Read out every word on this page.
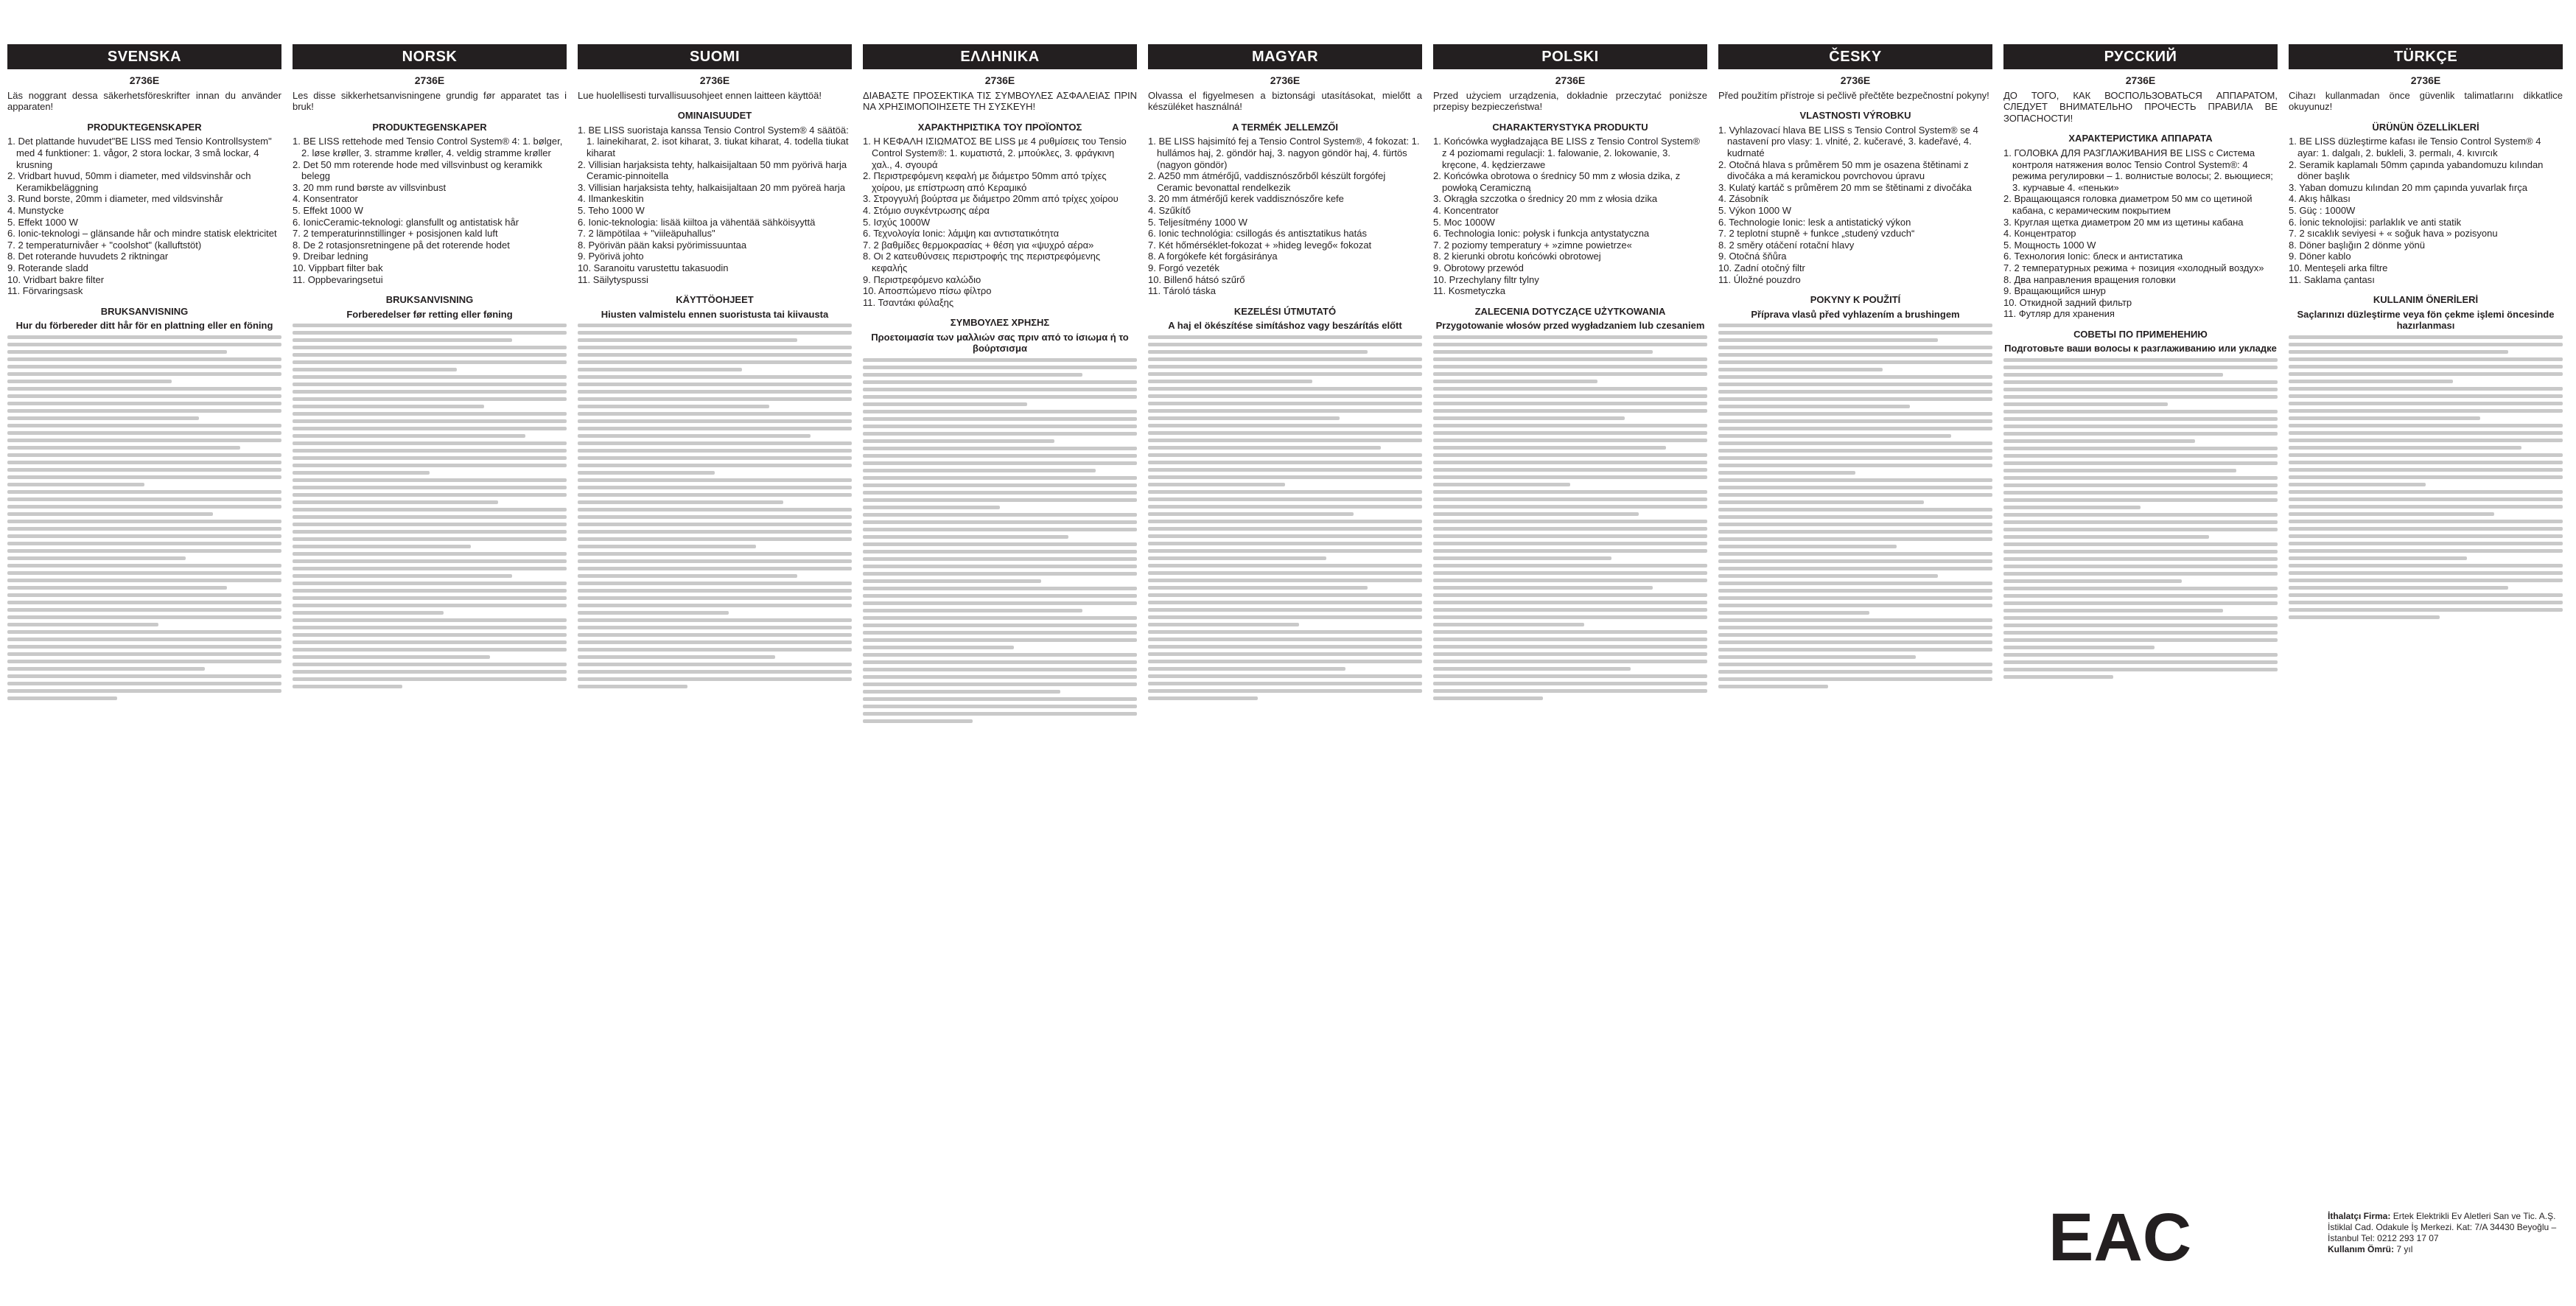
SVENSKA
2736E
Läs noggrant dessa säkerhetsföreskrifter innan du använder apparaten!
PRODUKTEGENSKAPER
1. Det plattande huvudet"BE LISS med Tensio Kontrollsystem" med 4 funktioner: 1. vågor, 2 stora lockar, 3 små lockar, 4 krusning
2. Vridbart huvud, 50mm i diameter, med vildsvinshår och Keramikbeläggning
3. Rund borste, 20mm i diameter, med vildsvinshår
4. Munstycke
5. Effekt 1000 W
6. Ionic-teknologi – glänsande hår och mindre statisk elektricitet
7. 2 temperaturnivåer + "coolshot" (kalluftstöt)
8. Det roterande huvudets 2 riktningar
9. Roterande sladd
10. Vridbart bakre filter
11. Förvaringsask
BRUKSANVISNING
Hur du förbereder ditt hår för en plattning eller en föning
NORSK
2736E
Les disse sikkerhetsanvisningene grundig før apparatet tas i bruk!
PRODUKTEGENSKAPER
1. BE LISS rettehode med Tensio Control System® 4: 1. bølger, 2. løse krøller, 3. stramme krøller, 4. veldig stramme krøller
2. Det 50 mm roterende hode med villsvinbust og keramikk belegg
3. 20 mm rund børste av villsvinbust
4. Konsentrator
5. Effekt 1000 W
6. IonicCeramic-teknologi: glansfullt og antistatisk hår
7. 2 temperaturinnstillinger + posisjonen kald luft
8. De 2 rotasjonsretningene på det roterende hodet
9. Dreibar ledning
10. Vippbart filter bak
11. Oppbevaringsetui
BRUKSANVISNING
Forberedelser før retting eller føning
SUOMI
2736E
Lue huolellisesti turvallisuusohjeet ennen laitteen käyttöä!
OMINAISUUDET
1. BE LISS suoristaja kanssa Tensio Control System® 4 säätöä: 1. lainekiharat, 2. isot kiharat, 3. tiukat kiharat, 4. todella tiukat kiharat
2. Villisian harjaksista tehty, halkaisijaltaan 50 mm pyörivä harja Ceramic-pinnoitella
3. Villisian harjaksista tehty, halkaisijaltaan 20 mm pyöreä harja
4. Ilmankeskitin
5. Teho 1000 W
6. Ionic-teknologia: lisää kiiltoa ja vähentää sähköisyyttä
7. 2 lämpötilaa + "viileäpuhallus"
8. Pyörivän pään kaksi pyörimissuuntaa
9. Pyörivä johto
10. Saranoitu varustettu takasuodin
11. Säilytyspussi
KÄYTTÖOHJEET
Hiusten valmistelu ennen suoristusta tai kiivausta
ΕΛΛΗΝΙΚΑ
2736E
ΔΙΑΒΑΣΤΕ ΠΡΟΣΕΚΤΙΚΑ ΤΙΣ ΣΥΜΒΟΥΛΕΣ ΑΣΦΑΛΕΙΑΣ ΠΡΙΝ ΝΑ ΧΡΗΣΙΜΟΠΟΙΗΣΕΤΕ ΤΗ ΣΥΣΚΕΥΗ!
ΧΑΡΑΚΤΗΡΙΣΤΙΚΑ ΤΟΥ ΠΡΟΪΟΝΤΟΣ
1. Η ΚΕΦΑΛΗ ΙΣΙΩΜΑΤΟΣ BE LISS με 4 ρυθμίσεις του Tensio Control System®: 1. κυματιστά, 2. μπούκλες, 3. φράγκινη χαλ., 4. σγουρά
2. Περιστρεφόμενη κεφαλή με διάμετρο 50mm από τρίχες χοίρου, με επίστρωση από Κεραμικό
3. Στρογγυλή βούρτσα με διάμετρο 20mm από τρίχες χοίρου
4. Στόμιο συγκέντρωσης αέρα
5. Ισχύς 1000W
6. Τεχνολογία Ionic: λάμψη και αντιστατικότητα
7. 2 βαθμίδες θερμοκρασίας + θέση για «ψυχρό αέρα»
8. Οι 2 κατευθύνσεις περιστροφής της περιστρεφόμενης κεφαλής
9. Περιστρεφόμενο καλώδιο
10. Αποσπώμενο πίσω φίλτρο
11. Τσαντάκι φύλαξης
ΣΥΜΒΟΥΛΕΣ ΧΡΗΣΗΣ
Προετοιμασία των μαλλιών σας πριν από το ίσιωμα ή το βούρτσισμα
MAGYAR
2736E
Olvassa el figyelmesen a biztonsági utasításokat, mielőtt a készüléket használná!
A TERMÉK JELLEMZŐI
1. BE LISS hajsimító fej a Tensio Control System®, 4 fokozat: 1. hullámos haj, 2. göndör haj, 3. nagyon göndör haj, 4. fürtös (nagyon göndör)
2. A250 mm átmérőjű, vaddisznószőrből készült forgófej Ceramic bevonattal rendelkezik
3. 20 mm átmérőjű kerek vaddisznószőre kefe
4. Szűkítő
5. Teljesítmény 1000 W
6. Ionic technológia: csillogás és antisztatikus hatás
7. Két hőmérséklet-fokozat + »hideg levegő« fokozat
8. A forgókefe két forgásiránya
9. Forgó vezeték
10. Billenő hátsó szűrő
11. Tároló táska
KEZELÉSI ÚTMUTATÓ
A haj el ökészítése simításhoz vagy beszárítás előtt
POLSKI
2736E
Przed użyciem urządzenia, dokładnie przeczytać poniższe przepisy bezpieczeństwa!
CHARAKTERYSTYKA PRODUKTU
1. Końcówka wygładzająca BE LISS z Tensio Control System® z 4 poziomami regulacji: 1. falowanie, 2. lokowanie, 3. kręcone, 4. kędzierzawe
2. Końcówka obrotowa o średnicy 50 mm z włosia dzika, z powłoką Ceramiczną
3. Okrągła szczotka o średnicy 20 mm z włosia dzika
4. Koncentrator
5. Moc 1000W
6. Technologia Ionic: połysk i funkcja antystatyczna
7. 2 poziomy temperatury + »zimne powietrze«
8. 2 kierunki obrotu końcówki obrotowej
9. Obrotowy przewód
10. Przechylany filtr tylny
11. Kosmetyczka
ZALECENIA DOTYCZĄCE UŻYTKOWANIA
Przygotowanie włosów przed wygładzaniem lub czesaniem
ČESKY
2736E
Před použitím přístroje si pečlivě přečtěte bezpečnostní pokyny!
VLASTNOSTI VÝROBKU
1. Vyhlazovací hlava BE LISS s Tensio Control System® se 4 nastavení pro vlasy: 1. vlnité, 2. kučeravé, 3. kadeřavé, 4. kudrnaté
2. Otočná hlava s průměrem 50 mm je osazena štětinami z divočáka a má keramickou povrchovou úpravu
3. Kulatý kartáč s průměrem 20 mm se štětinami z divočáka
4. Zásobník
5. Výkon 1000 W
6. Technologie Ionic: lesk a antistatický výkon
7. 2 teplotní stupně + funkce „studený vzduch“
8. 2 směry otáčení rotační hlavy
9. Otočná šňůra
10. Zadní otočný filtr
11. Úložné pouzdro
POKYNY K POUŽITÍ
Příprava vlasů před vyhlazením a brushingem
РУССКИЙ
2736E
ДО ТОГО, КАК ВОСПОЛЬЗОВАТЬСЯ АППАРАТОМ, СЛЕДУЕТ ВНИМАТЕЛЬНО ПРОЧЕСТЬ ПРАВИЛА ВЕ ЗОПАСНОСТИ!
ХАРАКТЕРИСТИКА АППАРАТА
1. ГОЛОВКА ДЛЯ РАЗГЛАЖИВАНИЯ BE LISS с Системa контроля натяжения волос Tensio Control System®: 4 режима регулировки – 1. волнистые волосы; 2. вьющиеся; 3. курчавые 4. «пеньки»
2. Вращающаяся головка диаметром 50 мм со щетиной кабана, с керамическим покрытием
3. Круглая щетка диаметром 20 мм из щетины кабана
4. Концентратор
5. Мощность 1000 W
6. Технология Ionic: блеск и антистатика
7. 2 температурных режима + позиция «холодный воздух»
8. Два направления вращения головки
9. Вращающийся шнур
10. Откидной задний фильтр
11. Футляр для хранения
СОВЕТЫ ПО ПРИМЕНЕНИЮ
Подготовьте ваши волосы к разглаживанию или укладке
TÜRKÇE
2736E
Cihazı kullanmadan önce güvenlik talimatlarını dikkatlice okuyunuz!
ÜRÜNÜN ÖZELLİKLERİ
1. BE LISS düzleştirme kafası ile Tensio Control System® 4 ayar: 1. dalgalı, 2. bukleli, 3. permalı, 4. kıvırcık
2. Seramik kaplamalı 50mm çapında yabandomuzu kılından döner başlık
3. Yaban domuzu kılından 20 mm çapında yuvarlak fırça
4. Akış hâlkası
5. Güç : 1000W
6. İonic teknolojisi: parlaklık ve anti statik
7. 2 sıcaklık seviyesi + « soğuk hava » pozisyonu
8. Döner başlığın 2 dönme yönü
9. Döner kablo
10. Menteşeli arka filtre
11. Saklama çantası
KULLANIM ÖNERİLERİ
Saçlarınızı düzleştirme veya fön çekme işlemi öncesinde hazırlanması
EAC	İthalatçı Firma: Ertek Elektrikli Ev Aletleri San ve Tic. A.Ş.
İstiklal Cad. Odakule İş Merkezi. Kat: 7/A 34430 Beyoğlu – İstanbul Tel: 0212 293 17 07
Kullanım Ömrü: 7 yıl
